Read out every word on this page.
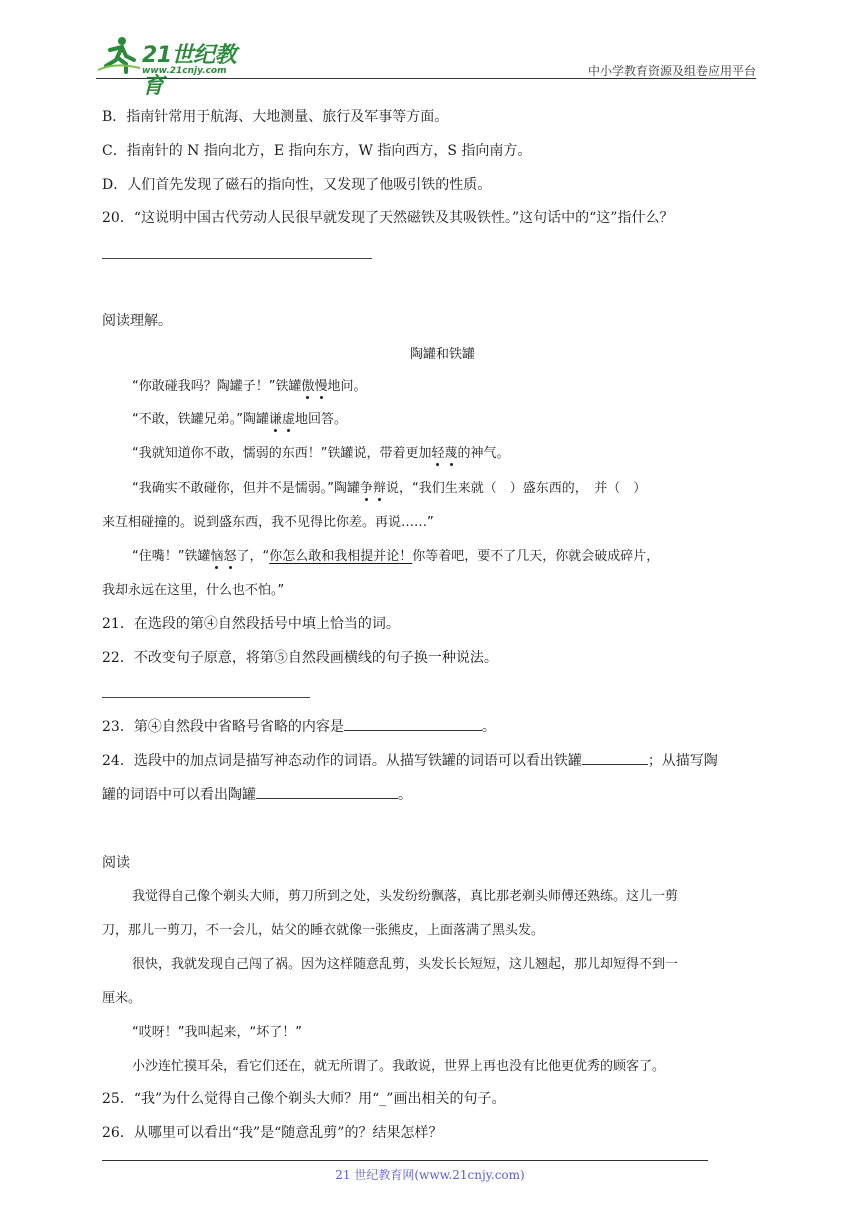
21世纪教育
www.21cnjy.com	中小学教育资源及组卷应用平台
B．指南针常用于航海、大地测量、旅行及军事等方面。
C．指南针的 N 指向北方，E 指向东方，W 指向西方，S 指向南方。
D．人们首先发现了磁石的指向性，又发现了他吸引铁的性质。
20．“这说明中国古代劳动人民很早就发现了天然磁铁及其吸铁性。”这句话中的“这”指什么？
阅读理解。
陶罐和铁罐
“你敢碰我吗？陶罐子！”铁罐傲慢地问。
“不敢，铁罐兄弟。”陶罐谦虚地回答。
“我就知道你不敢，懦弱的东西！”铁罐说，带着更加轻蔑的神气。
“我确实不敢碰你，但并不是懦弱。”陶罐争辩说，“我们生来就（　）盛东西的，　并（　）
来互相碰撞的。说到盛东西，我不见得比你差。再说……”
“住嘴！”铁罐恼怒了，“你怎么敢和我相提并论！你等着吧，要不了几天，你就会破成碎片，
我却永远在这里，什么也不怕。”
21．在选段的第④自然段括号中填上恰当的词。
22．不改变句子原意，将第⑤自然段画横线的句子换一种说法。
23．第④自然段中省略号省略的内容是	。
24．选段中的加点词是描写神态动作的词语。从描写铁罐的词语可以看出铁罐	；从描写陶
罐的词语中可以看出陶罐	。
阅读
我觉得自己像个剃头大师，剪刀所到之处，头发纷纷飘落，真比那老剃头师傅还熟练。这儿一剪
刀，那儿一剪刀，不一会儿，姑父的睡衣就像一张熊皮，上面落满了黑头发。
很快，我就发现自己闯了祸。因为这样随意乱剪，头发长长短短，这儿翘起，那儿却短得不到一
厘米。
“哎呀！”我叫起来，“坏了！”
小沙连忙摸耳朵，看它们还在，就无所谓了。我敢说，世界上再也没有比他更优秀的顾客了。
25．“我”为什么觉得自己像个剃头大师？用“_”画出相关的句子。
26．从哪里可以看出“我”是“随意乱剪”的？结果怎样？
21 世纪教育网(www.21cnjy.com)
